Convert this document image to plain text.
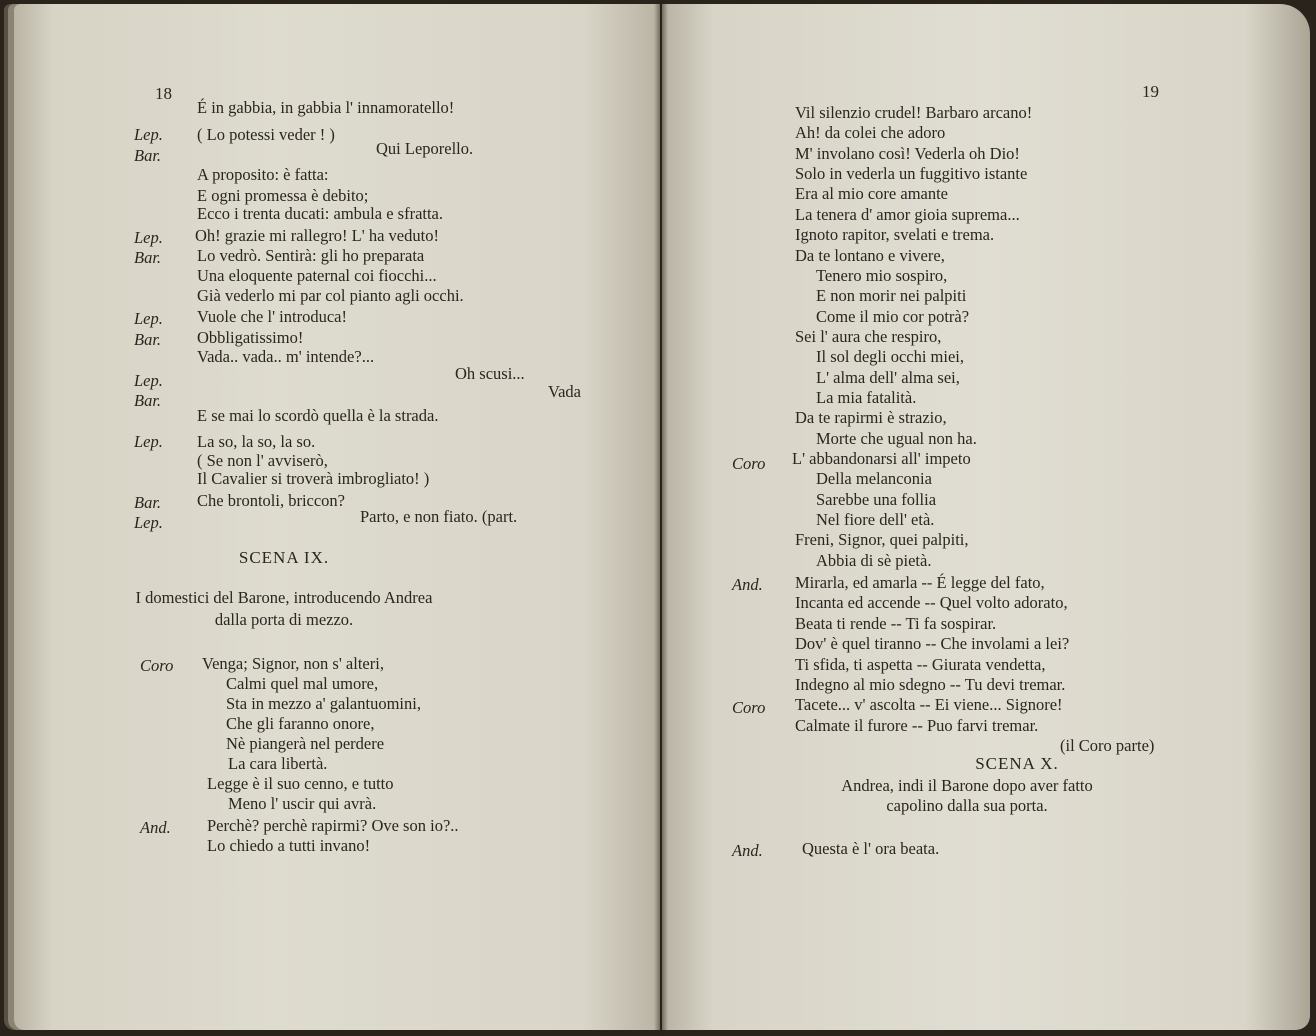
18
Lep.
Bar.
Lep.
Bar.
Lep.
Bar.
Lep.
Bar.
Lep.
Bar.
Lep.
É in gabbia, in gabbia l' innamoratello!
( Lo potessi veder ! )
Qui Leporello.
A proposito: è fatta:
E ogni promessa è debito;
Ecco i trenta ducati: ambula e sfratta.
Oh! grazie mi rallegro! L' ha veduto!
Lo vedrò. Sentirà: gli ho preparata
Una eloquente paternal coi fiocchi...
Già vederlo mi par col pianto agli occhi.
Vuole che l' introduca!
Obbligatissimo!
Vada.. vada.. m' intende?...
Oh scusi...
Vada
E se mai lo scordò quella è la strada.
La so, la so, la so.
( Se non l' avviserò,
Il Cavalier si troverà imbrogliato! )
Che brontoli, briccon?
Parto, e non fiato. (part.
SCENA IX.
I domestici del Barone, introducendo Andrea
dalla porta di mezzo.
Coro
And.
Venga; Signor, non s' alteri,
Calmi quel mal umore,
Sta in mezzo a' galantuomini,
Che gli faranno onore,
Nè piangerà nel perdere
La cara libertà.
Legge è il suo cenno, e tutto
Meno l' uscir qui avrà.
Perchè? perchè rapirmi? Ove son io?..
Lo chiedo a tutti invano!
19
Coro
And.
Coro
And.
Vil silenzio crudel! Barbaro arcano!
Ah! da colei che adoro
M' involano così! Vederla oh Dio!
Solo in vederla un fuggitivo istante
Era al mio core amante
La tenera d' amor gioia suprema...
Ignoto rapitor, svelati e trema.
Da te lontano e vivere,
Tenero mio sospiro,
E non morir nei palpiti
Come il mio cor potrà?
Sei l' aura che respiro,
Il sol degli occhi miei,
L' alma dell' alma sei,
La mia fatalità.
Da te rapirmi è strazio,
Morte che ugual non ha.
L' abbandonarsi all' impeto
Della melanconia
Sarebbe una follia
Nel fiore dell' età.
Freni, Signor, quei palpiti,
Abbia di sè pietà.
Mirarla, ed amarla -- É legge del fato,
Incanta ed accende -- Quel volto adorato,
Beata ti rende -- Ti fa sospirar.
Dov' è quel tiranno -- Che involami a lei?
Ti sfida, ti aspetta -- Giurata vendetta,
Indegno al mio sdegno -- Tu devi tremar.
Tacete... v' ascolta -- Ei viene... Signore!
Calmate il furore -- Puo farvi tremar.
(il Coro parte)
SCENA X.
Andrea, indi il Barone dopo aver fatto
capolino dalla sua porta.
Questa è l' ora beata.
